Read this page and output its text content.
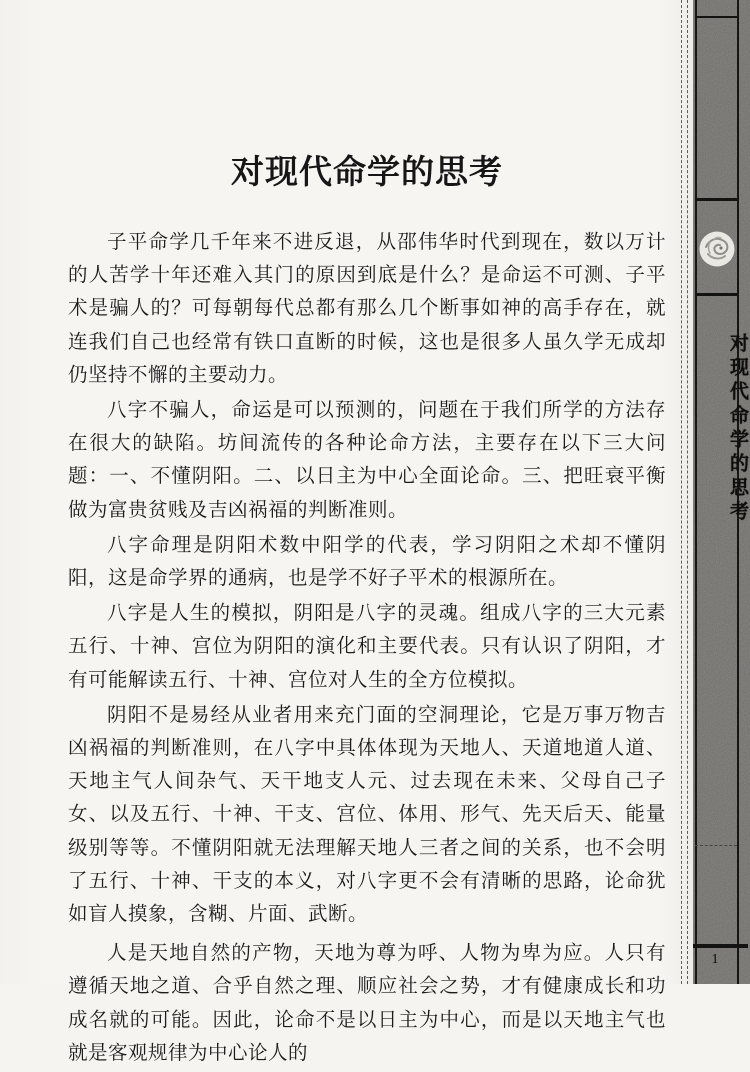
对现代命学的思考

子平命学几千年来不进反退，从邵伟华时代到现在，数以万计的人苦学十年还难入其门的原因到底是什么？是命运不可测、子平术是骗人的？可每朝每代总都有那么几个断事如神的高手存在，就连我们自己也经常有铁口直断的时候，这也是很多人虽久学无成却仍坚持不懈的主要动力。

八字不骗人，命运是可以预测的，问题在于我们所学的方法存在很大的缺陷。坊间流传的各种论命方法，主要存在以下三大问题：一、不懂阴阳。二、以日主为中心全面论命。三、把旺衰平衡做为富贵贫贱及吉凶祸福的判断准则。

八字命理是阴阳术数中阳学的代表，学习阴阳之术却不懂阴阳，这是命学界的通病，也是学不好子平术的根源所在。

八字是人生的模拟，阴阳是八字的灵魂。组成八字的三大元素五行、十神、宫位为阴阳的演化和主要代表。只有认识了阴阳，才有可能解读五行、十神、宫位对人生的全方位模拟。

阴阳不是易经从业者用来充门面的空洞理论，它是万事万物吉凶祸福的判断准则，在八字中具体体现为天地人、天道地道人道、天地主气人间杂气、天干地支人元、过去现在未来、父母自己子女、以及五行、十神、干支、宫位、体用、形气、先天后天、能量级别等等。不懂阴阳就无法理解天地人三者之间的关系，也不会明了五行、十神、干支的本义，对八字更不会有清晰的思路，论命犹如盲人摸象，含糊、片面、武断。

人是天地自然的产物，天地为尊为呼、人物为卑为应。人只有遵循天地之道、合乎自然之理、顺应社会之势，才有健康成长和功成名就的可能。因此，论命不是以日主为中心，而是以天地主气也就是客观规律为中心论人的

对现代命学的思考
1
